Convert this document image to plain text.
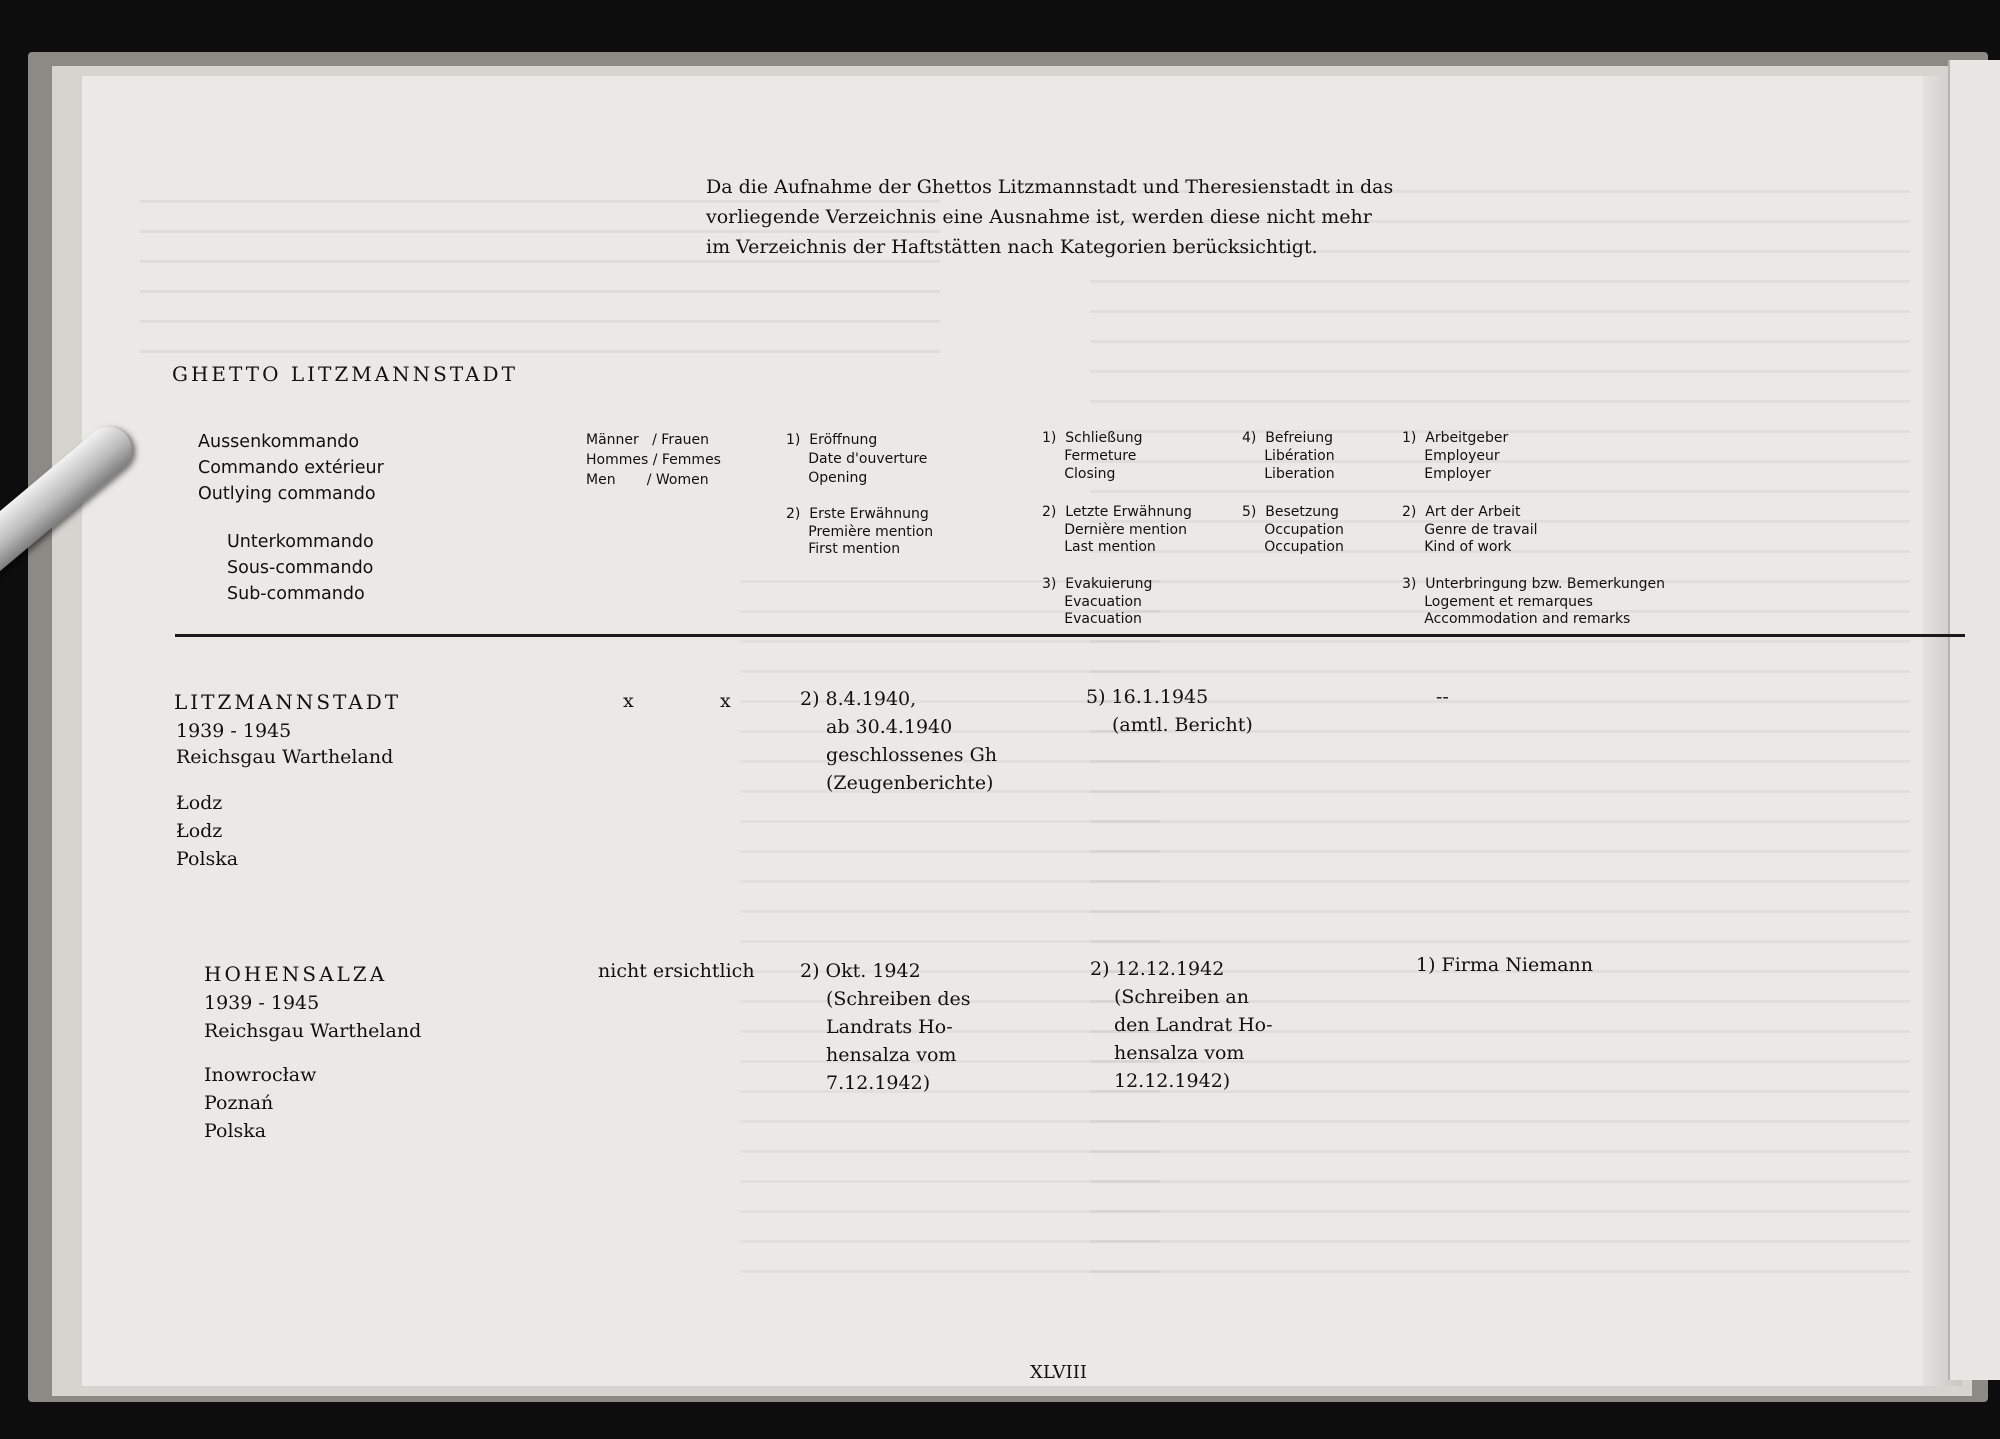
Da die Aufnahme der Ghettos Litzmannstadt und Theresienstadt in das
vorliegende Verzeichnis eine Ausnahme ist, werden diese nicht mehr
im Verzeichnis der Haftstätten nach Kategorien berücksichtigt.
GHETTO LITZMANNSTADT
Aussenkommando
Commando extérieur
Outlying commando
Unterkommando
Sous-commando
Sub-commando
Männer   / Frauen
Hommes / Femmes
Men       / Women
1)  Eröffnung
Date d'ouverture
Opening
2)  Erste Erwähnung
Première mention
First mention
1)  Schließung
Fermeture
Closing
2)  Letzte Erwähnung
Dernière mention
Last mention
3)  Evakuierung
Evacuation
Evacuation
4)  Befreiung
Libération
Liberation
5)  Besetzung
Occupation
Occupation
1)  Arbeitgeber
Employeur
Employer
2)  Art der Arbeit
Genre de travail
Kind of work
3)  Unterbringung bzw. Bemerkungen
Logement et remarques
Accommodation and remarks
LITZMANNSTADT
1939 - 1945
Reichsgau Wartheland
Łodz
Łodz
Polska
x	x	2) 8.4.1940,
ab 30.4.1940
geschlossenes Gh
(Zeugenberichte)
5) 16.1.1945
(amtl. Bericht)
--
HOHENSALZA
1939 - 1945
Reichsgau Wartheland
Inowrocław
Poznań
Polska
nicht ersichtlich 2) Okt. 1942
(Schreiben des
Landrats Ho-
hensalza vom
7.12.1942)
2) 12.12.1942
(Schreiben an
den Landrat Ho-
hensalza vom
12.12.1942)
1) Firma Niemann
XLVIII
